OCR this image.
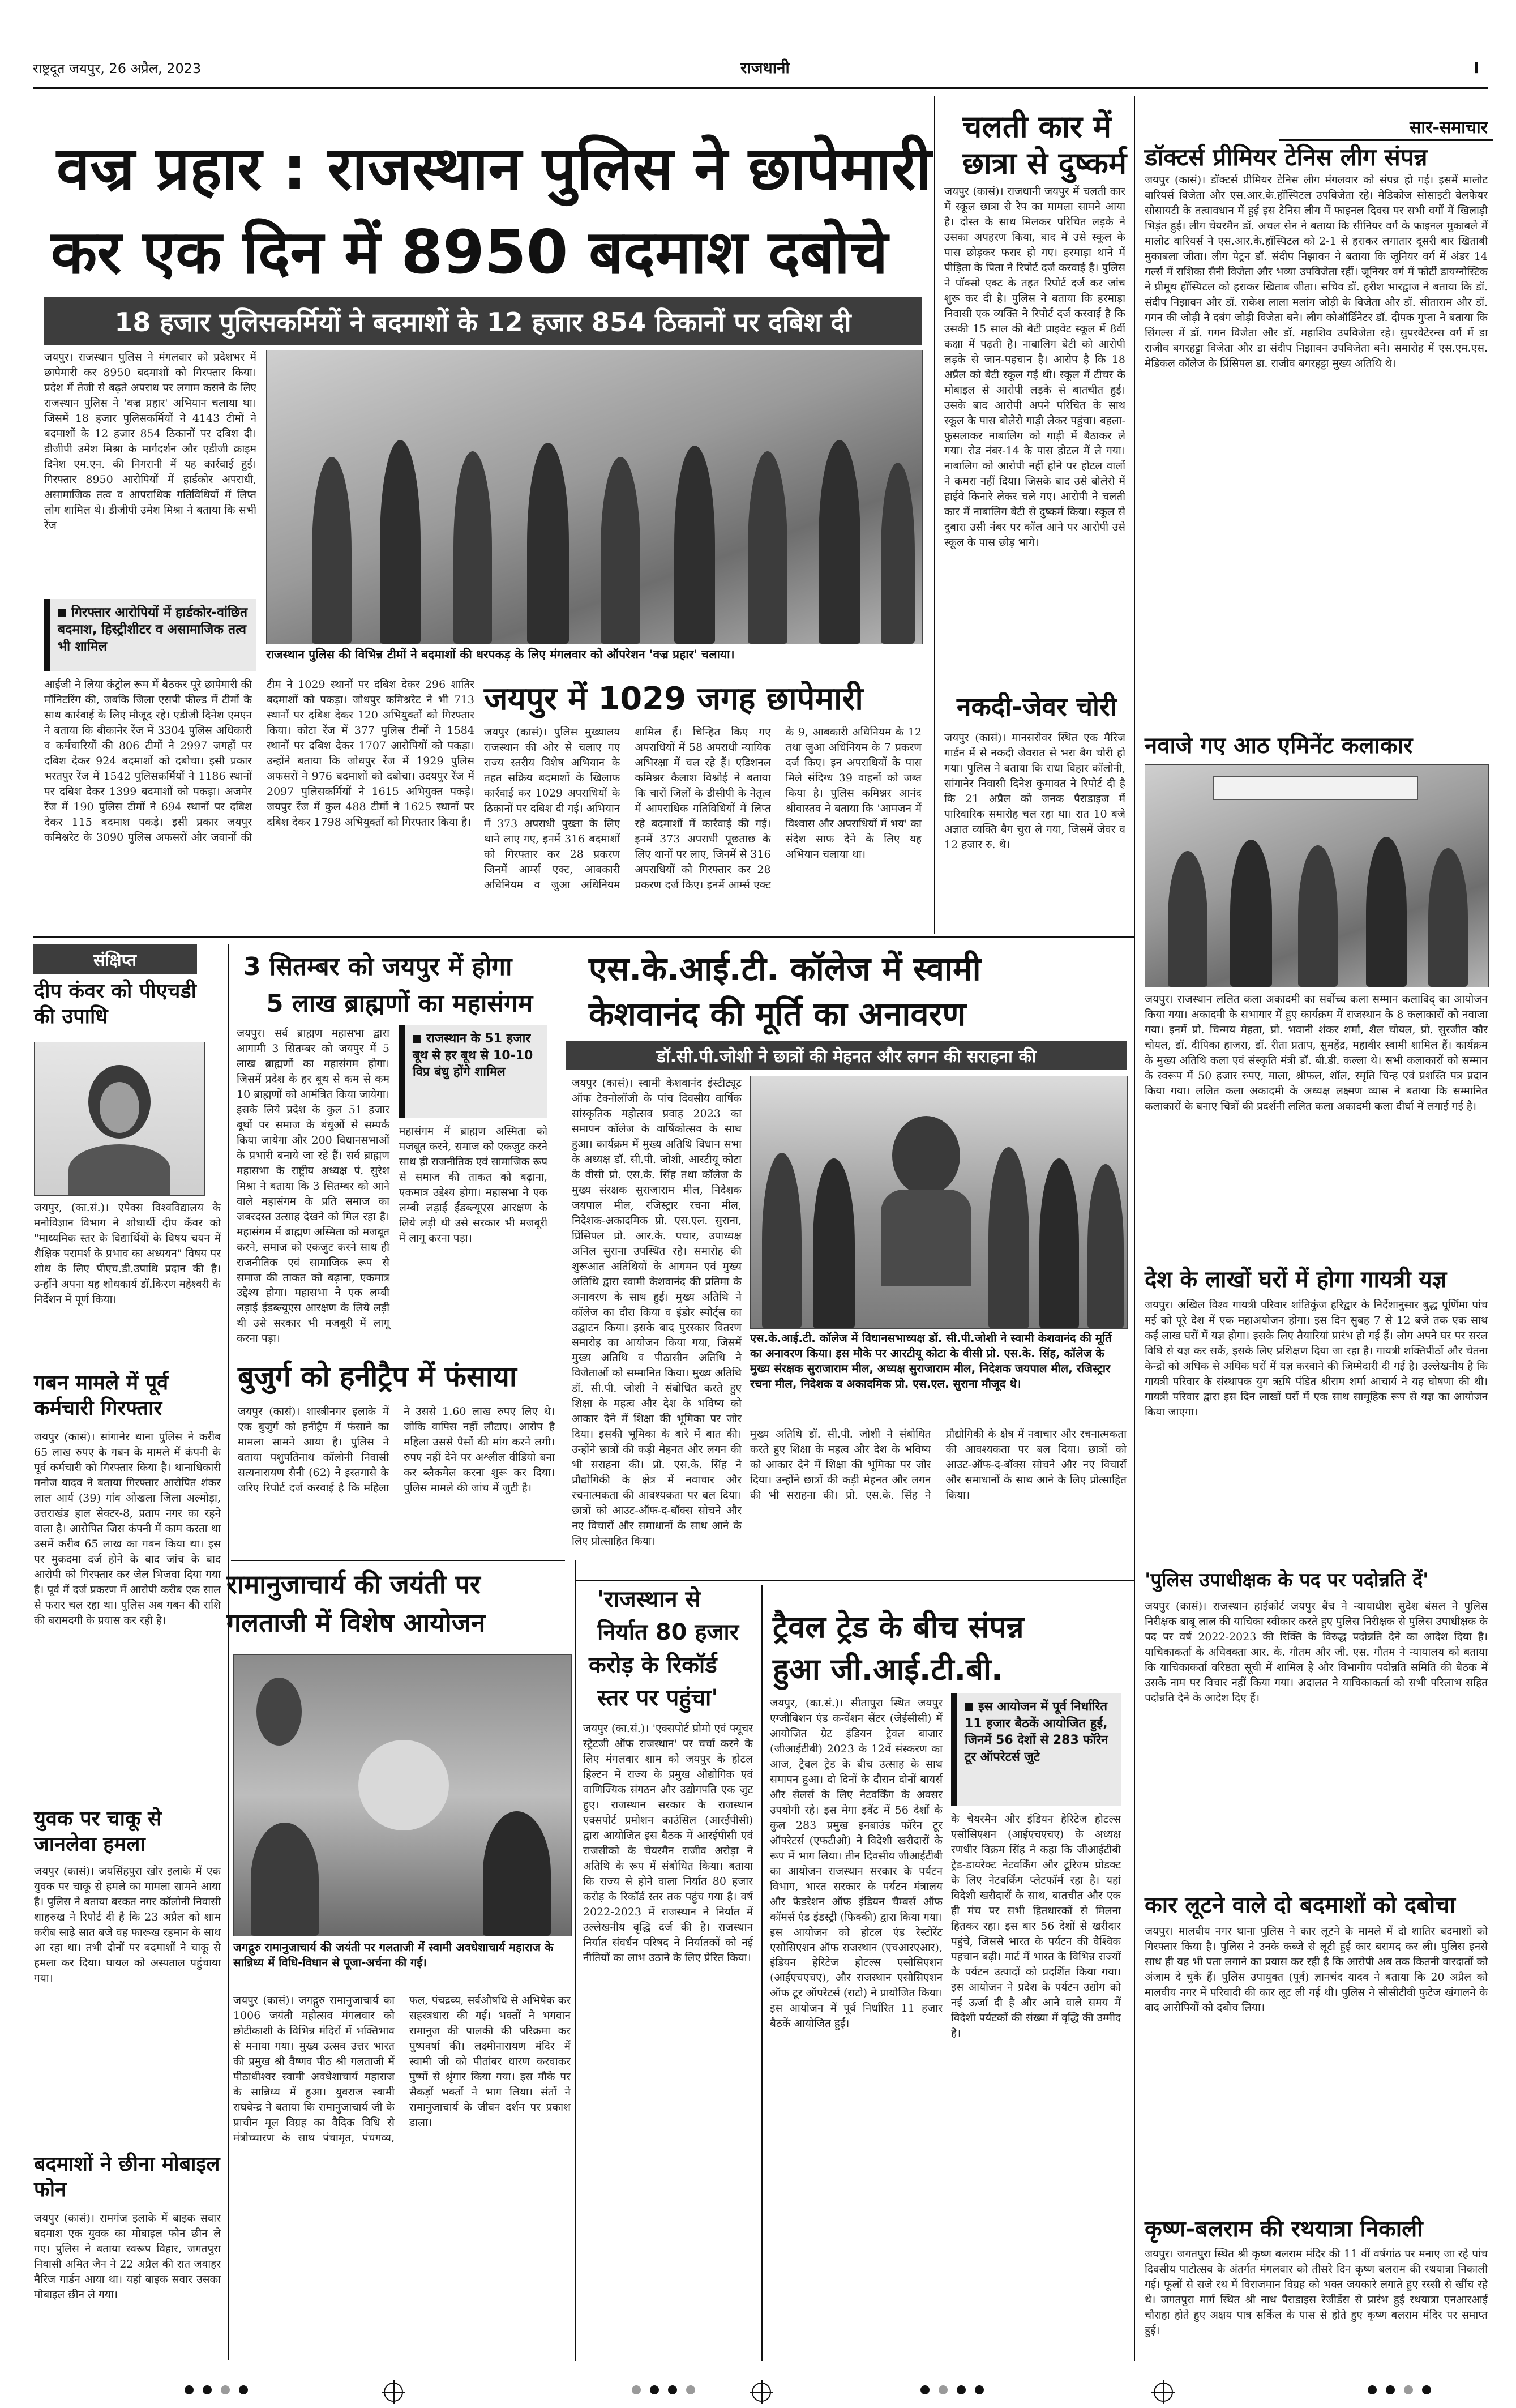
राष्ट्रदूत जयपुर, 26 अप्रैल, 2023	राजधानी	I
वज्र प्रहार : राजस्थान पुलिस ने छापेमारी
कर एक दिन में 8950 बदमाश दबोचे
18 हजार पुलिसकर्मियों ने बदमाशों के 12 हजार 854 ठिकानों पर दबिश दी
जयपुर। राजस्थान पुलिस ने मंगलवार को प्रदेशभर में छापेमारी कर 8950 बदमाशों को गिरफ्तार किया। प्रदेश में तेजी से बढ़ते अपराध पर लगाम कसने के लिए राजस्थान पुलिस ने 'वज्र प्रहार' अभियान चलाया था। जिसमें 18 हजार पुलिसकर्मियों ने 4143 टीमों ने बदमाशों के 12 हजार 854 ठिकानों पर दबिश दी। डीजीपी उमेश मिश्रा के मार्गदर्शन और एडीजी क्राइम दिनेश एम.एन. की निगरानी में यह कार्रवाई हुई। गिरफ्तार 8950 आरोपियों में हार्डकोर अपराधी, असामाजिक तत्व व आपराधिक गतिविधियों में लिप्त लोग शामिल थे। डीजीपी उमेश मिश्रा ने बताया कि सभी रेंज
गिरफ्तार आरोपियों में हार्डकोर-वांछित बदमाश, हिस्ट्रीशीटर व असामाजिक तत्व भी शामिल
राजस्थान पुलिस की विभिन्न टीमों ने बदमाशों की धरपकड़ के लिए मंगलवार को ऑपरेशन 'वज्र प्रहार' चलाया।
आईजी ने लिया कंट्रोल रूम में बैठकर पूरे छापेमारी की मॉनिटरिंग की, जबकि जिला एसपी फील्ड में टीमों के साथ कार्रवाई के लिए मौजूद रहे। एडीजी दिनेश एमएन ने बताया कि बीकानेर रेंज में 3304 पुलिस अधिकारी व कर्मचारियों की 806 टीमों ने 2997 जगहों पर दबिश देकर 924 बदमाशों को दबोचा। इसी प्रकार भरतपुर रेंज में 1542 पुलिसकर्मियों ने 1186 स्थानों पर दबिश देकर 1399 बदमाशों को पकड़ा। अजमेर रेंज में 190 पुलिस टीमों ने 694 स्थानों पर दबिश देकर 115 बदमाश पकड़े। इसी प्रकार जयपुर कमिश्नरेट के 3090 पुलिस अफसरों और जवानों की टीम ने 1029 स्थानों पर दबिश देकर 296 शातिर बदमाशों को पकड़ा। जोधपुर कमिश्नरेट ने भी 713 स्थानों पर दबिश देकर 120 अभियुक्तों को गिरफ्तार किया। कोटा रेंज में 377 पुलिस टीमों ने 1584 स्थानों पर दबिश देकर 1707 आरोपियों को पकड़ा। उन्होंने बताया कि जोधपुर रेंज में 1929 पुलिस अफसरों ने 976 बदमाशों को दबोचा। उदयपुर रेंज में 2097 पुलिसकर्मियों ने 1615 अभियुक्त पकड़े। जयपुर रेंज में कुल 488 टीमों ने 1625 स्थानों पर दबिश देकर 1798 अभियुक्तों को गिरफ्तार किया है।
जयपुर में 1029 जगह छापेमारी
जयपुर (कासं)। पुलिस मुख्यालय राजस्थान की ओर से चलाए गए राज्य स्तरीय विशेष अभियान के तहत सक्रिय बदमाशों के खिलाफ कार्रवाई कर 1029 अपराधियों के ठिकानों पर दबिश दी गई। अभियान में 373 अपराधी पुख्ता के लिए थाने लाए गए, इनमें 316 बदमाशों को गिरफ्तार कर 28 प्रकरण जिनमें आर्म्स एक्ट, आबकारी अधिनियम व जुआ अधिनियम शामिल हैं। चिन्हित किए गए अपराधियों में 58 अपराधी न्यायिक अभिरक्षा में चल रहे हैं। एडिशनल कमिश्नर कैलाश विश्नोई ने बताया कि चारों जिलों के डीसीपी के नेतृत्व में आपराधिक गतिविधियों में लिप्त रहे बदमाशों में कार्रवाई की गई। इनमें 373 अपराधी पूछताछ के लिए थानों पर लाए, जिनमें से 316 अपराधियों को गिरफ्तार कर 28 प्रकरण दर्ज किए। इनमें आर्म्स एक्ट के 9, आबकारी अधिनियम के 12 तथा जुआ अधिनियम के 7 प्रकरण दर्ज किए। इन अपराधियों के पास मिले संदिग्ध 39 वाहनों को जब्त किया है। पुलिस कमिश्नर आनंद श्रीवास्तव ने बताया कि 'आमजन में विश्वास और अपराधियों में भय' का संदेश साफ देने के लिए यह अभियान चलाया था।
चलती कार में
छात्रा से दुष्कर्म
जयपुर (कासं)। राजधानी जयपुर में चलती कार में स्कूल छात्रा से रेप का मामला सामने आया है। दोस्त के साथ मिलकर परिचित लड़के ने उसका अपहरण किया, बाद में उसे स्कूल के पास छोड़कर फरार हो गए। हरमाड़ा थाने में पीड़िता के पिता ने रिपोर्ट दर्ज करवाई है। पुलिस ने पॉक्सो एक्ट के तहत रिपोर्ट दर्ज कर जांच शुरू कर दी है। पुलिस ने बताया कि हरमाड़ा निवासी एक व्यक्ति ने रिपोर्ट दर्ज करवाई है कि उसकी 15 साल की बेटी प्राइवेट स्कूल में 8वीं कक्षा में पढ़ती है। नाबालिग बेटी को आरोपी लड़के से जान-पहचान है। आरोप है कि 18 अप्रैल को बेटी स्कूल गई थी। स्कूल में टीचर के मोबाइल से आरोपी लड़के से बातचीत हुई। उसके बाद आरोपी अपने परिचित के साथ स्कूल के पास बोलेरो गाड़ी लेकर पहुंचा। बहला-फुसलाकर नाबालिग को गाड़ी में बैठाकर ले गया। रोड नंबर-14 के पास होटल में ले गया। नाबालिग को आरोपी नहीं होने पर होटल वालों ने कमरा नहीं दिया। जिसके बाद उसे बोलेरो में हाईवे किनारे लेकर चले गए। आरोपी ने चलती कार में नाबालिग बेटी से दुष्कर्म किया। स्कूल से दुबारा उसी नंबर पर कॉल आने पर आरोपी उसे स्कूल के पास छोड़ भागे।
नकदी-जेवर चोरी
जयपुर (कासं)। मानसरोवर स्थित एक मैरिज गार्डन में से नकदी जेवरात से भरा बैग चोरी हो गया। पुलिस ने बताया कि राधा विहार कॉलोनी, सांगानेर निवासी दिनेश कुमावत ने रिपोर्ट दी है कि 21 अप्रैल को जनक पैराडाइज में पारिवारिक समारोह चल रहा था। रात 10 बजे अज्ञात व्यक्ति बैग चुरा ले गया, जिसमें जेवर व 12 हजार रु. थे।
सार-समाचार
डॉक्टर्स प्रीमियर टेनिस लीग संपन्न
जयपुर (कासं)। डॉक्टर्स प्रीमियर टेनिस लीग मंगलवार को संपन्न हो गई। इसमें मालोट वारियर्स विजेता और एस.आर.के.हॉस्पिटल उपविजेता रहे। मेडिकोज सोसाइटी वेलफेयर सोसायटी के तत्वावधान में हुई इस टेनिस लीग में फाइनल दिवस पर सभी वर्गों में खिलाड़ी भिड़ंत हुई। लीग चेयरमैन डॉ. अचल सेन ने बताया कि सीनियर वर्ग के फाइनल मुकाबले में मालोट वारियर्स ने एस.आर.के.हॉस्पिटल को 2-1 से हराकर लगातार दूसरी बार खिताबी मुकाबला जीता। लीग पेट्रन डॉ. संदीप निझावन ने बताया कि जूनियर वर्ग में अंडर 14 गर्ल्स में राशिका सैनी विजेता और भव्या उपविजेता रहीं। जूनियर वर्ग में फोर्टी डायग्नोस्टिक ने प्रीमूथ हॉस्पिटल को हराकर खिताब जीता। सचिव डॉ. हरीश भारद्वाज ने बताया कि डॉ. संदीप निझावन और डॉ. राकेश लाला मलांग जोड़ी के विजेता और डॉ. सीताराम और डॉ. गगन की जोड़ी ने दबंग जोड़ी विजेता बने। लीग कोऑर्डिनेटर डॉ. दीपक गुप्ता ने बताया कि सिंगल्स में डॉ. गगन विजेता और डॉ. महाशिव उपविजेता रहे। सुपरवेटेरन्स वर्ग में डा राजीव बगरहट्टा विजेता और डा संदीप निझावन उपविजेता बने। समारोह में एस.एम.एस. मेडिकल कॉलेज के प्रिंसिपल डा. राजीव बगरहट्टा मुख्य अतिथि थे।
नवाजे गए आठ एमिनेंट कलाकार
जयपुर। राजस्थान ललित कला अकादमी का सर्वोच्च कला सम्मान कलाविद् का आयोजन किया गया। अकादमी के सभागार में हुए कार्यक्रम में राजस्थान के 8 कलाकारों को नवाजा गया। इनमें प्रो. चिन्मय मेहता, प्रो. भवानी शंकर शर्मा, शैल चोयल, प्रो. सुरजीत कौर चोयल, डॉ. दीपिका हाजरा, डॉ. रीता प्रताप, सुमहेंद्र, महावीर स्वामी शामिल हैं। कार्यक्रम के मुख्य अतिथि कला एवं संस्कृति मंत्री डॉ. बी.डी. कल्ला थे। सभी कलाकारों को सम्मान के स्वरूप में 50 हजार रुपए, माला, श्रीफल, शॉल, स्मृति चिन्ह एवं प्रशस्ति पत्र प्रदान किया गया। ललित कला अकादमी के अध्यक्ष लक्ष्मण व्यास ने बताया कि सम्मानित कलाकारों के बनाए चित्रों की प्रदर्शनी ललित कला अकादमी कला दीर्घा में लगाई गई है।
देश के लाखों घरों में होगा गायत्री यज्ञ
जयपुर। अखिल विश्व गायत्री परिवार शांतिकुंज हरिद्वार के निर्देशानुसार बुद्ध पूर्णिमा पांच मई को पूरे देश में एक महाअयोजन होगा। इस दिन सुबह 7 से 12 बजे तक एक साथ कई लाख घरों में यज्ञ होगा। इसके लिए तैयारियां प्रारंभ हो गई हैं। लोग अपने घर पर सरल विधि से यज्ञ कर सकें, इसके लिए प्रशिक्षण दिया जा रहा है। गायत्री शक्तिपीठों और चेतना केन्द्रों को अधिक से अधिक घरों में यज्ञ करवाने की जिम्मेदारी दी गई है। उल्लेखनीय है कि गायत्री परिवार के संस्थापक युग ऋषि पंडित श्रीराम शर्मा आचार्य ने यह घोषणा की थी। गायत्री परिवार द्वारा इस दिन लाखों घरों में एक साथ सामूहिक रूप से यज्ञ का आयोजन किया जाएगा।
'पुलिस उपाधीक्षक के पद पर पदोन्नति दें'
जयपुर (कासं)। राजस्थान हाईकोर्ट जयपुर बैंच ने न्यायाधीश सुदेश बंसल ने पुलिस निरीक्षक बाबू लाल की याचिका स्वीकार करते हुए पुलिस निरीक्षक से पुलिस उपाधीक्षक के पद पर वर्ष 2022-2023 की रिक्ति के विरुद्ध पदोन्नति देने का आदेश दिया है। याचिकाकर्ता के अधिवक्ता आर. के. गौतम और जी. एस. गौतम ने न्यायालय को बताया कि याचिकाकर्ता वरिष्ठता सूची में शामिल है और विभागीय पदोन्नति समिति की बैठक में उसके नाम पर विचार नहीं किया गया। अदालत ने याचिकाकर्ता को सभी परिलाभ सहित पदोन्नति देने के आदेश दिए हैं।
कार लूटने वाले दो बदमाशों को दबोचा
जयपुर। मालवीय नगर थाना पुलिस ने कार लूटने के मामले में दो शातिर बदमाशों को गिरफ्तार किया है। पुलिस ने उनके कब्जे से लूटी हुई कार बरामद कर ली। पुलिस इनसे साथ ही यह भी पता लगाने का प्रयास कर रही है कि आरोपी अब तक कितनी वारदातों को अंजाम दे चुके हैं। पुलिस उपायुक्त (पूर्व) ज्ञानचंद यादव ने बताया कि 20 अप्रैल को मालवीय नगर में परिवादी की कार लूट ली गई थी। पुलिस ने सीसीटीवी फुटेज खंगालने के बाद आरोपियों को दबोच लिया।
कृष्ण-बलराम की रथयात्रा निकाली
जयपुर। जगतपुरा स्थित श्री कृष्ण बलराम मंदिर की 11 वीं वर्षगांठ पर मनाए जा रहे पांच दिवसीय पाटोत्सव के अंतर्गत मंगलवार को तीसरे दिन कृष्ण बलराम की रथयात्रा निकाली गई। फूलों से सजे रथ में विराजमान विग्रह को भक्त जयकारे लगाते हुए रस्सी से खींच रहे थे। जगतपुरा मार्ग स्थित श्री नाथ पैराडाइस रेजीडेंस से प्रारंभ हुई रथयात्रा एनआरआई चौराहा होते हुए अक्षय पात्र सर्किल के पास से होते हुए कृष्ण बलराम मंदिर पर समाप्त हुई।
संक्षिप्त
दीप कंवर को पीएचडी की उपाधि
जयपुर, (का.सं.)। एपेक्स विश्वविद्यालय के मनोविज्ञान विभाग ने शोधार्थी दीप कँवर को "माध्यमिक स्तर के विद्यार्थियों के विषय चयन में शैक्षिक परामर्श के प्रभाव का अध्ययन" विषय पर शोध के लिए पीएच.डी.उपाधि प्रदान की है। उन्होंने अपना यह शोधकार्य डॉ.किरण महेश्वरी के निर्देशन में पूर्ण किया।
गबन मामले में पूर्व कर्मचारी गिरफ्तार
जयपुर (कासं)। सांगानेर थाना पुलिस ने करीब 65 लाख रुपए के गबन के मामले में कंपनी के पूर्व कर्मचारी को गिरफ्तार किया है। थानाधिकारी मनोज यादव ने बताया गिरफ्तार आरोपित शंकर लाल आर्य (39) गांव ओखला जिला अल्मोड़ा, उत्तराखंड हाल सेक्टर-8, प्रताप नगर का रहने वाला है। आरोपित जिस कंपनी में काम करता था उसमें करीब 65 लाख का गबन किया था। इस पर मुकदमा दर्ज होने के बाद जांच के बाद आरोपी को गिरफ्तार कर जेल भिजवा दिया गया है। पूर्व में दर्ज प्रकरण में आरोपी करीब एक साल से फरार चल रहा था। पुलिस अब गबन की राशि की बरामदगी के प्रयास कर रही है।
युवक पर चाकू से जानलेवा हमला
जयपुर (कासं)। जयसिंहपुरा खोर इलाके में एक युवक पर चाकू से हमले का मामला सामने आया है। पुलिस ने बताया बरकत नगर कॉलोनी निवासी शाहरुख ने रिपोर्ट दी है कि 23 अप्रैल को शाम करीब साढ़े सात बजे वह फारूख रहमान के साथ आ रहा था। तभी दोनों पर बदमाशों ने चाकू से हमला कर दिया। घायल को अस्पताल पहुंचाया गया।
बदमाशों ने छीना मोबाइल फोन
जयपुर (कासं)। रामगंज इलाके में बाइक सवार बदमाश एक युवक का मोबाइल फोन छीन ले गए। पुलिस ने बताया स्वरूप विहार, जगतपुरा निवासी अमित जैन ने 22 अप्रैल की रात जवाहर मैरिज गार्डन आया था। यहां बाइक सवार उसका मोबाइल छीन ले गया।
3 सितम्बर को जयपुर में होगा
5 लाख ब्राह्मणों का महासंगम
राजस्थान के 51 हजार बूथ से हर बूथ से 10-10 विप्र बंधु होंगे शामिल
जयपुर। सर्व ब्राह्मण महासभा द्वारा आगामी 3 सितम्बर को जयपुर में 5 लाख ब्राह्मणों का महासंगम होगा। जिसमें प्रदेश के हर बूथ से कम से कम 10 ब्राह्मणों को आमंत्रित किया जायेगा। इसके लिये प्रदेश के कुल 51 हजार बूथों पर समाज के बंधुओं से सम्पर्क किया जायेगा और 200 विधानसभाओं के प्रभारी बनाये जा रहे हैं। सर्व ब्राह्मण महासभा के राष्ट्रीय अध्यक्ष पं. सुरेश मिश्रा ने बताया कि 3 सितम्बर को आने वाले महासंगम के प्रति समाज का जबरदस्त उत्साह देखने को मिल रहा है। महासंगम में ब्राह्मण अस्मिता को मजबूत करने, समाज को एकजुट करने साथ ही राजनीतिक एवं सामाजिक रूप से समाज की ताकत को बढ़ाना, एकमात्र उद्देश्य होगा। महासभा ने एक लम्बी लड़ाई ईडब्ल्यूएस आरक्षण के लिये लड़ी थी उसे सरकार भी मजबूरी में लागू करना पड़ा।
महासंगम में ब्राह्मण अस्मिता को मजबूत करने, समाज को एकजुट करने साथ ही राजनीतिक एवं सामाजिक रूप से समाज की ताकत को बढ़ाना, एकमात्र उद्देश्य होगा। महासभा ने एक लम्बी लड़ाई ईडब्ल्यूएस आरक्षण के लिये लड़ी थी उसे सरकार भी मजबूरी में लागू करना पड़ा।
बुजुर्ग को हनीट्रैप में फंसाया
जयपुर (कासं)। शास्त्रीनगर इलाके में एक बुजुर्ग को हनीट्रैप में फंसाने का मामला सामने आया है। पुलिस ने बताया पशुपतिनाथ कॉलोनी निवासी सत्यनारायण सैनी (62) ने इस्तगासे के जरिए रिपोर्ट दर्ज करवाई है कि महिला ने उससे 1.60 लाख रुपए लिए थे। जोकि वापिस नहीं लौटाए। आरोप है महिला उससे पैसों की मांग करने लगी। रुपए नहीं देने पर अश्लील वीडियो बना कर ब्लैकमेल करना शुरू कर दिया। पुलिस मामले की जांच में जुटी है।
रामानुजाचार्य की जयंती पर
गलताजी में विशेष आयोजन
जगद्गुरु रामानुजाचार्य की जयंती पर गलताजी में स्वामी अवधेशाचार्य महाराज के सान्निध्य में विधि-विधान से पूजा-अर्चना की गई।
जयपुर (कासं)। जगद्गुरु रामानुजाचार्य का 1006 जयंती महोत्सव मंगलवार को छोटीकाशी के विभिन्न मंदिरों में भक्तिभाव से मनाया गया। मुख्य उत्सव उत्तर भारत की प्रमुख श्री वैष्णव पीठ श्री गलताजी में पीठाधीश्वर स्वामी अवधेशाचार्य महाराज के सान्निध्य में हुआ। युवराज स्वामी राघवेन्द्र ने बताया कि रामानुजाचार्य जी के प्राचीन मूल विग्रह का वैदिक विधि से मंत्रोच्चारण के साथ पंचामृत, पंचगव्य, फल, पंचद्रव्य, सर्वऔषधि से अभिषेक कर सहस्त्रधारा की गई। भक्तों ने भगवान रामानुज की पालकी की परिक्रमा कर पुष्पवर्षा की। लक्ष्मीनारायण मंदिर में स्वामी जी को पीतांबर धारण करवाकर पुष्पों से श्रृंगार किया गया। इस मौके पर सैकड़ों भक्तों ने भाग लिया। संतों ने रामानुजाचार्य के जीवन दर्शन पर प्रकाश डाला।
एस.के.आई.टी. कॉलेज में स्वामी
केशवानंद की मूर्ति का अनावरण
डॉ.सी.पी.जोशी ने छात्रों की मेहनत और लगन की सराहना की
जयपुर (कासं)। स्वामी केशवानंद इंस्टीट्यूट ऑफ टेक्नोलॉजी के पांच दिवसीय वार्षिक सांस्कृतिक महोत्सव प्रवाह 2023 का समापन कॉलेज के वार्षिकोत्सव के साथ हुआ। कार्यक्रम में मुख्य अतिथि विधान सभा के अध्यक्ष डॉ. सी.पी. जोशी, आरटीयू कोटा के वीसी प्रो. एस.के. सिंह तथा कॉलेज के मुख्य संरक्षक सुराजाराम मील, निदेशक जयपाल मील, रजिस्ट्रार रचना मील, निदेशक-अकादमिक प्रो. एस.एल. सुराना, प्रिंसिपल प्रो. आर.के. पचार, उपाध्यक्ष अनिल सुराना उपस्थित रहे। समारोह की शुरूआत अतिथियों के आगमन एवं मुख्य अतिथि द्वारा स्वामी केशवानंद की प्रतिमा के अनावरण के साथ हुई। मुख्य अतिथि ने कॉलेज का दौरा किया व इंडोर स्पोर्ट्स का उद्घाटन किया। इसके बाद पुरस्कार वितरण समारोह का आयोजन किया गया, जिसमें मुख्य अतिथि व पीठासीन अतिथि ने विजेताओं को सम्मानित किया। मुख्य अतिथि डॉ. सी.पी. जोशी ने संबोधित करते हुए शिक्षा के महत्व और देश के भविष्य को आकार देने में शिक्षा की भूमिका पर जोर दिया। इसकी भूमिका के बारे में बात की। उन्होंने छात्रों की कड़ी मेहनत और लगन की भी सराहना की। प्रो. एस.के. सिंह ने प्रौद्योगिकी के क्षेत्र में नवाचार और रचनात्मकता की आवश्यकता पर बल दिया। छात्रों को आउट-ऑफ-द-बॉक्स सोचने और नए विचारों और समाधानों के साथ आने के लिए प्रोत्साहित किया।
एस.के.आई.टी. कॉलेज में विधानसभाध्यक्ष डॉ. सी.पी.जोशी ने स्वामी केशवानंद की मूर्ति का अनावरण किया। इस मौके पर आरटीयू कोटा के वीसी प्रो. एस.के. सिंह, कॉलेज के मुख्य संरक्षक सुराजाराम मील, अध्यक्ष सुराजाराम मील, निदेशक जयपाल मील, रजिस्ट्रार रचना मील, निदेशक व अकादमिक प्रो. एस.एल. सुराना मौजूद थे।
मुख्य अतिथि डॉ. सी.पी. जोशी ने संबोधित करते हुए शिक्षा के महत्व और देश के भविष्य को आकार देने में शिक्षा की भूमिका पर जोर दिया। उन्होंने छात्रों की कड़ी मेहनत और लगन की भी सराहना की। प्रो. एस.के. सिंह ने प्रौद्योगिकी के क्षेत्र में नवाचार और रचनात्मकता की आवश्यकता पर बल दिया। छात्रों को आउट-ऑफ-द-बॉक्स सोचने और नए विचारों और समाधानों के साथ आने के लिए प्रोत्साहित किया।
'राजस्थान से
निर्यात 80 हजार
करोड़ के रिकॉर्ड
स्तर पर पहुंचा'
जयपुर (का.सं.)। 'एक्सपोर्ट प्रोमो एवं फ्यूचर स्ट्रेटजी ऑफ राजस्थान' पर चर्चा करने के लिए मंगलवार शाम को जयपुर के होटल हिल्टन में राज्य के प्रमुख औद्योगिक एवं वाणिज्यिक संगठन और उद्योगपति एक जुट हुए। राजस्थान सरकार के राजस्थान एक्सपोर्ट प्रमोशन काउंसिल (आरईपीसी) द्वारा आयोजित इस बैठक में आरईपीसी एवं राजसीको के चेयरमैन राजीव अरोड़ा ने अतिथि के रूप में संबोधित किया। बताया कि राज्य से होने वाला निर्यात 80 हजार करोड़ के रिकॉर्ड स्तर तक पहुंच गया है। वर्ष 2022-2023 में राजस्थान ने निर्यात में उल्लेखनीय वृद्धि दर्ज की है। राजस्थान निर्यात संवर्धन परिषद ने निर्यातकों को नई नीतियों का लाभ उठाने के लिए प्रेरित किया।
ट्रैवल ट्रेड के बीच संपन्न
हुआ जी.आई.टी.बी.
इस आयोजन में पूर्व निर्धारित 11 हजार बैठकें आयोजित हुईं, जिनमें 56 देशों से 283 फॉरेन टूर ऑपरेटर्स जुटे
जयपुर, (का.सं.)। सीतापुरा स्थित जयपुर एग्जीबिशन एंड कन्वेंशन सेंटर (जेईसीसी) में आयोजित ग्रेट इंडियन ट्रेवल बाजार (जीआईटीबी) 2023 के 12वें संस्करण का आज, ट्रैवल ट्रेड के बीच उत्साह के साथ समापन हुआ। दो दिनों के दौरान दोनों बायर्स और सेलर्स के लिए नेटवर्किंग के अवसर उपयोगी रहे। इस मेगा इवेंट में 56 देशों के कुल 283 प्रमुख इनबाउंड फॉरेन टूर ऑपरेटर्स (एफटीओ) ने विदेशी खरीदारों के रूप में भाग लिया। तीन दिवसीय जीआईटीबी का आयोजन राजस्थान सरकार के पर्यटन विभाग, भारत सरकार के पर्यटन मंत्रालय और फेडरेशन ऑफ इंडियन चैम्बर्स ऑफ कॉमर्स एंड इंडस्ट्री (फिक्की) द्वारा किया गया। इस आयोजन को होटल एंड रेस्टोरेंट एसोसिएशन ऑफ राजस्थान (एचआरएआर), इंडियन हेरिटेज होटल्स एसोसिएशन (आईएचएचए), और राजस्थान एसोसिएशन ऑफ टूर ऑपरेटर्स (राटो) ने प्रायोजित किया। इस आयोजन में पूर्व निर्धारित 11 हजार बैठकें आयोजित हुईं।
के चेयरमैन और इंडियन हेरिटेज होटल्स एसोसिएशन (आईएचएचए) के अध्यक्ष रणधीर विक्रम सिंह ने कहा कि जीआईटीबी ट्रेड-डायरेक्ट नेटवर्किंग और टूरिज्म प्रोडक्ट के लिए नेटवर्किंग प्लेटफॉर्म रहा है। यहां विदेशी खरीदारों के साथ, बातचीत और एक ही मंच पर सभी हितधारकों से मिलना हितकर रहा। इस बार 56 देशों से खरीदार पहुंचे, जिससे भारत के पर्यटन की वैश्विक पहचान बढ़ी। मार्ट में भारत के विभिन्न राज्यों के पर्यटन उत्पादों को प्रदर्शित किया गया। इस आयोजन ने प्रदेश के पर्यटन उद्योग को नई ऊर्जा दी है और आने वाले समय में विदेशी पर्यटकों की संख्या में वृद्धि की उम्मीद है।
